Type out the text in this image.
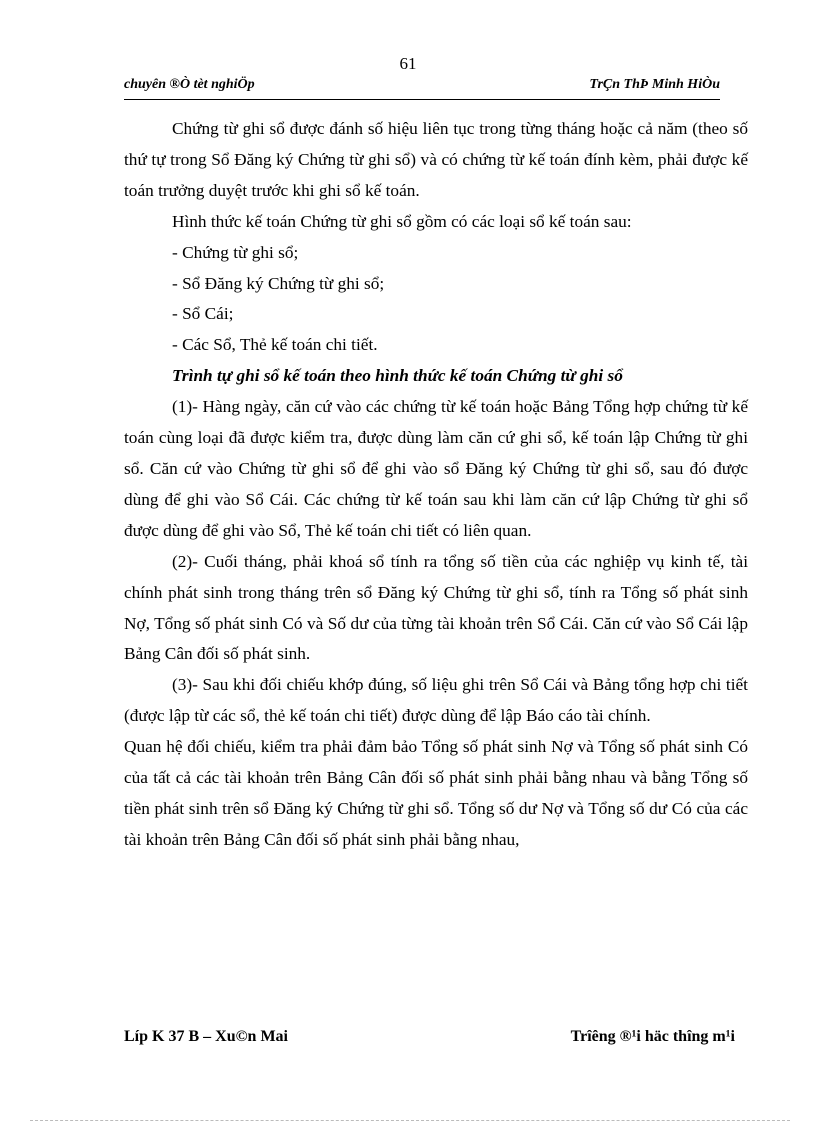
61
chuyên ®Ò tèt nghiÖp	TrÇn ThÞ Minh HiÒu

Chứng từ ghi sổ được đánh số hiệu liên tục trong từng tháng hoặc cả năm (theo số thứ tự trong Sổ Đăng ký Chứng từ ghi sổ) và có chứng từ kế toán đính kèm, phải được kế toán trưởng duyệt trước khi ghi sổ kế toán.

Hình thức kế toán Chứng từ ghi sổ gồm có các loại sổ kế toán sau:

- Chứng từ ghi sổ;

- Sổ Đăng ký Chứng từ ghi sổ;

- Sổ Cái;

- Các Sổ, Thẻ kế toán chi tiết.

Trình tự ghi sổ kế toán theo hình thức kế toán Chứng từ ghi sổ

(1)- Hàng ngày, căn cứ vào các chứng từ kế toán hoặc Bảng Tổng hợp chứng từ kế toán cùng loại đã được kiểm tra, được dùng làm căn cứ ghi sổ, kế toán lập Chứng từ ghi sổ. Căn cứ vào Chứng từ ghi sổ để ghi vào sổ Đăng ký Chứng từ ghi sổ, sau đó được dùng để ghi vào Sổ Cái. Các chứng từ kế toán sau khi làm căn cứ lập Chứng từ ghi sổ được dùng để ghi vào Sổ, Thẻ kế toán chi tiết có liên quan.

(2)- Cuối tháng, phải khoá sổ tính ra tổng số tiền của các nghiệp vụ kinh tế, tài chính phát sinh trong tháng trên sổ Đăng ký Chứng từ ghi sổ, tính ra Tổng số phát sinh Nợ, Tổng số phát sinh Có và Số dư của từng tài khoản trên Sổ Cái. Căn cứ vào Sổ Cái lập Bảng Cân đối số phát sinh.

(3)- Sau khi đối chiếu khớp đúng, số liệu ghi trên Sổ Cái và Bảng tổng hợp chi tiết (được lập từ các sổ, thẻ kế toán chi tiết) được dùng để lập Báo cáo tài chính.

Quan hệ đối chiếu, kiểm tra phải đảm bảo Tổng số phát sinh Nợ và Tổng số phát sinh Có của tất cả các tài khoản trên Bảng Cân đối số phát sinh phải bằng nhau và bằng Tổng số tiền phát sinh trên sổ Đăng ký Chứng từ ghi sổ. Tổng số dư Nợ và Tổng số dư Có của các tài khoản trên Bảng Cân đối số phát sinh phải bằng nhau,

Líp K 37 B – Xu©n Mai	Trîêng ®¹i häc thîng m¹i
